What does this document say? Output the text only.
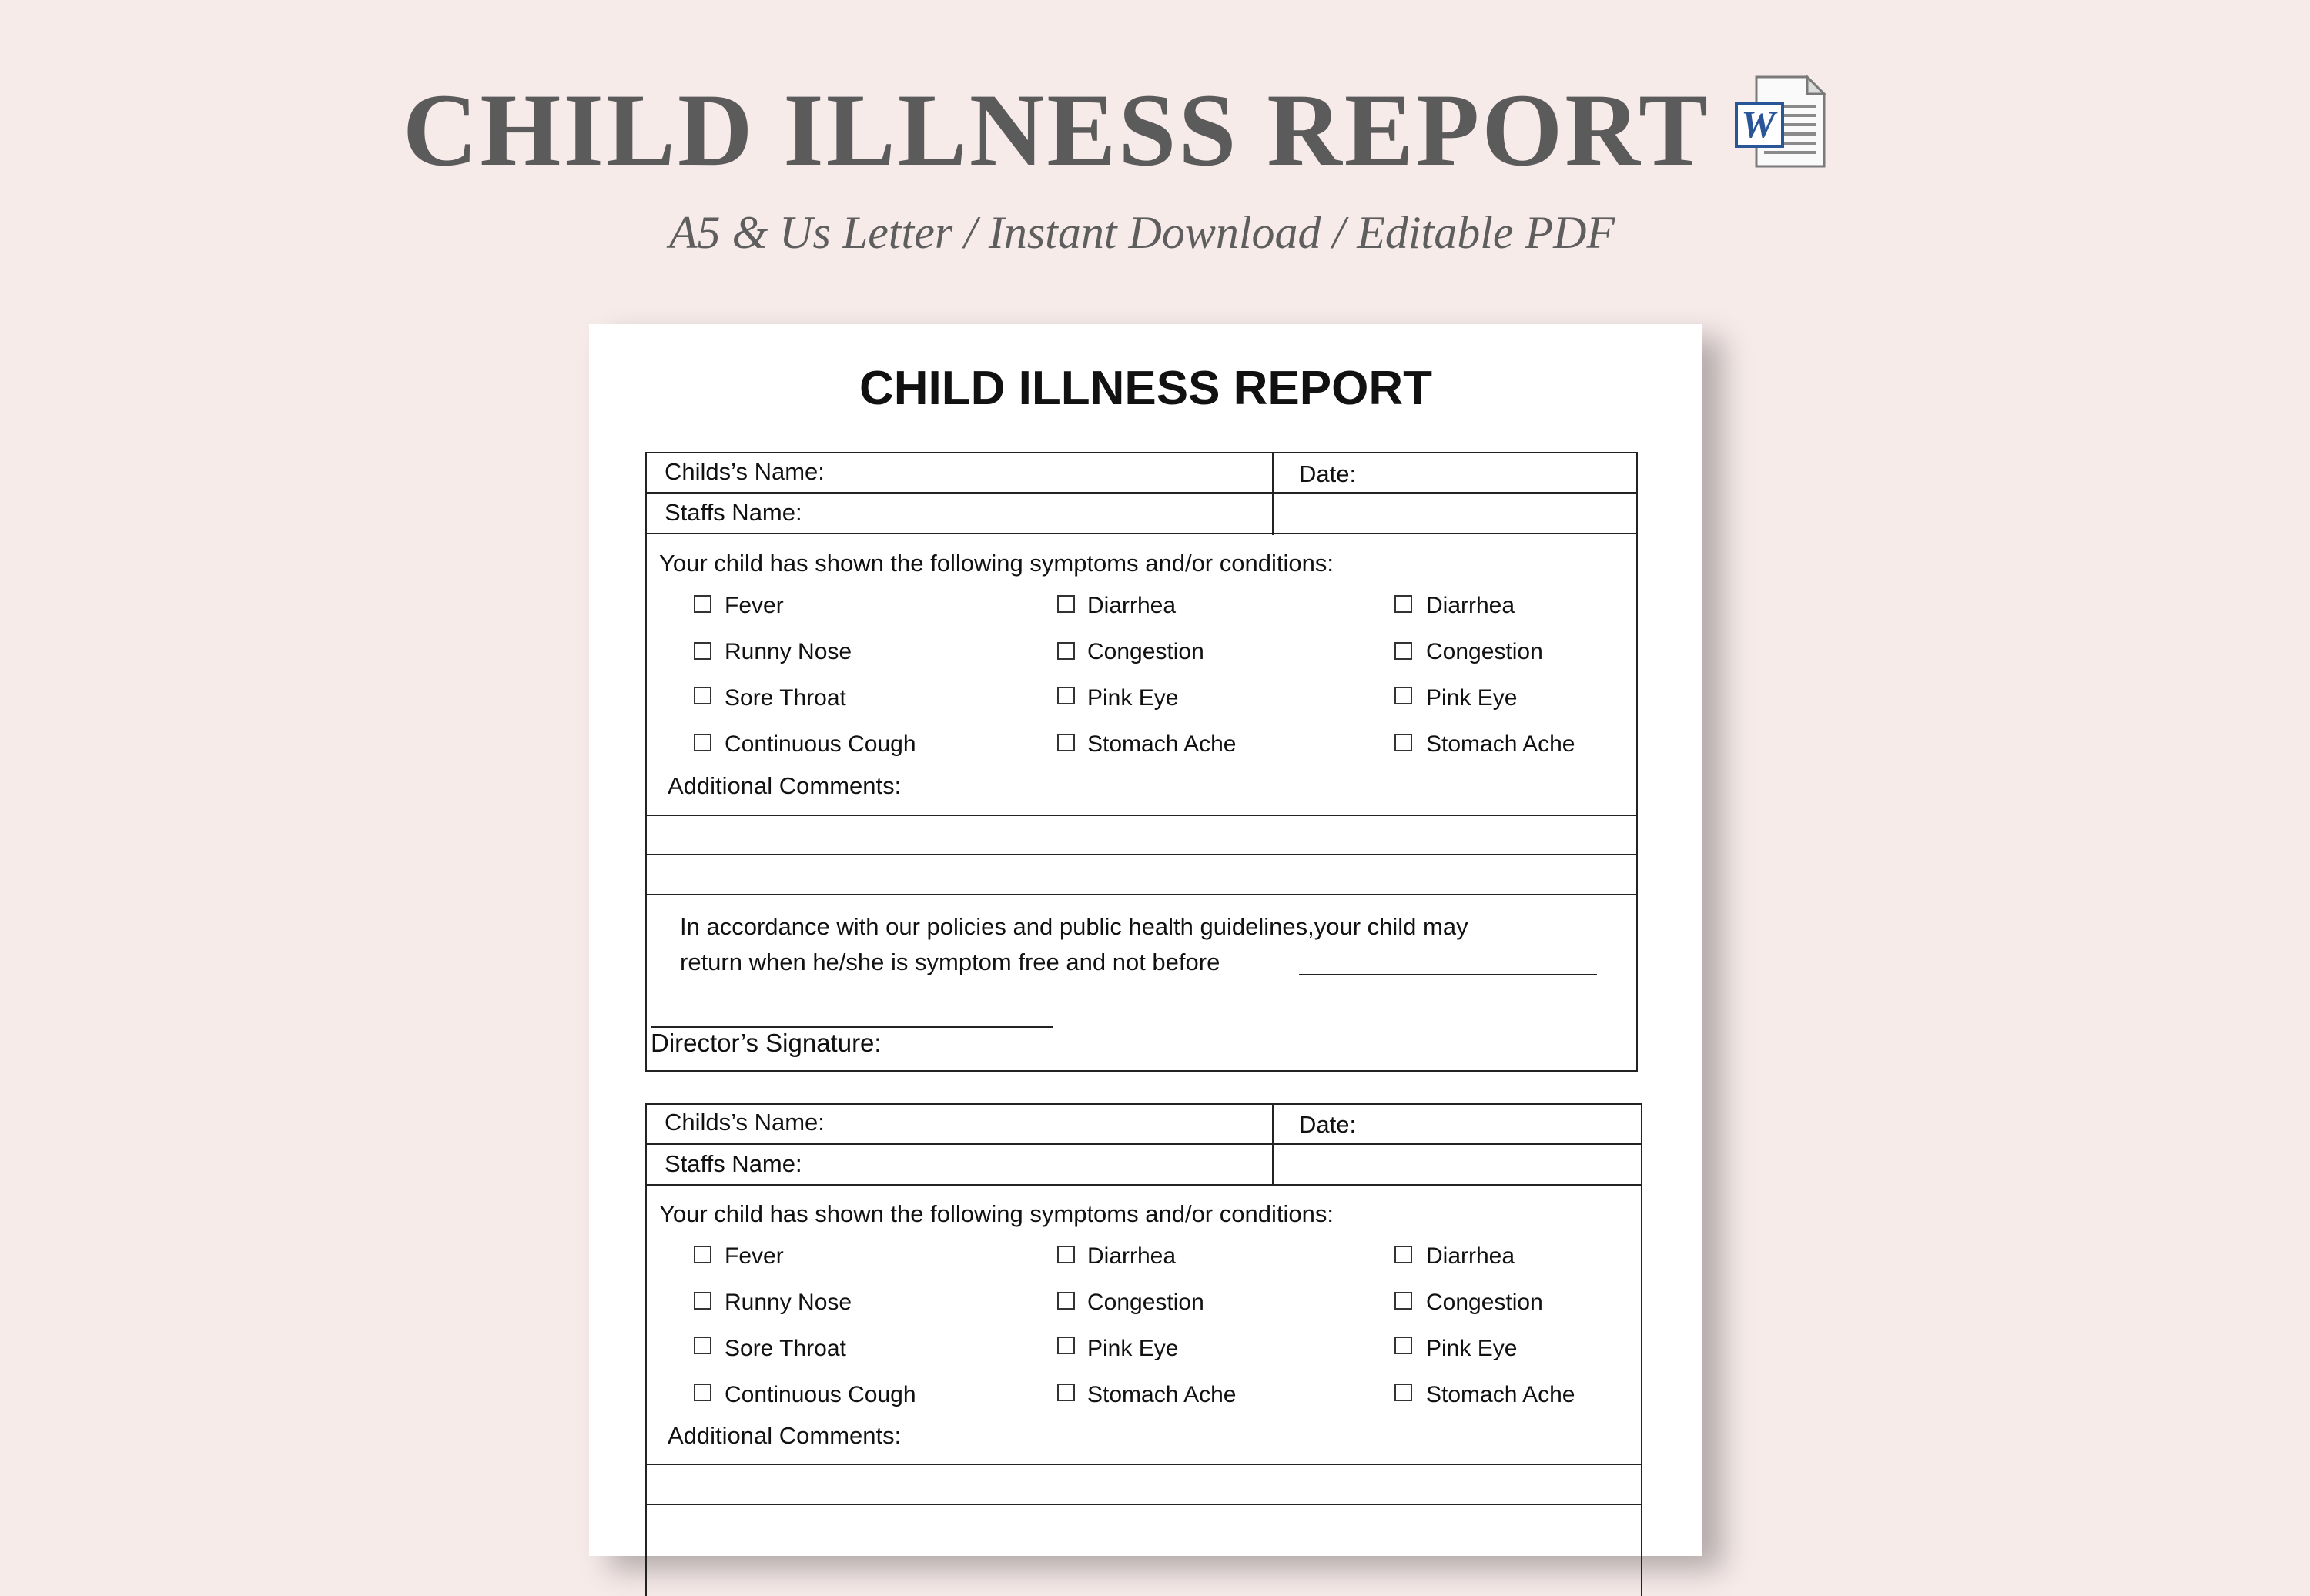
CHILD ILLNESS REPORT W
A5 & Us Letter / Instant Download / Editable PDF
CHILD ILLNESS REPORT
Childs’s Name:	Date:
Staffs Name:
Your child has shown the following symptoms and/or conditions:
Fever
Runny Nose
Sore Throat
Continuous Cough
Diarrhea
Congestion
Pink Eye
Stomach Ache
Diarrhea
Congestion
Pink Eye
Stomach Ache
Additional Comments:
In accordance with our policies and public health guidelines,your child may
return when he/she is symptom free and not before
Director’s Signature:
Childs’s Name:	Date:
Staffs Name:
Your child has shown the following symptoms and/or conditions:
Fever
Runny Nose
Sore Throat
Continuous Cough
Diarrhea
Congestion
Pink Eye
Stomach Ache
Diarrhea
Congestion
Pink Eye
Stomach Ache
Additional Comments:
